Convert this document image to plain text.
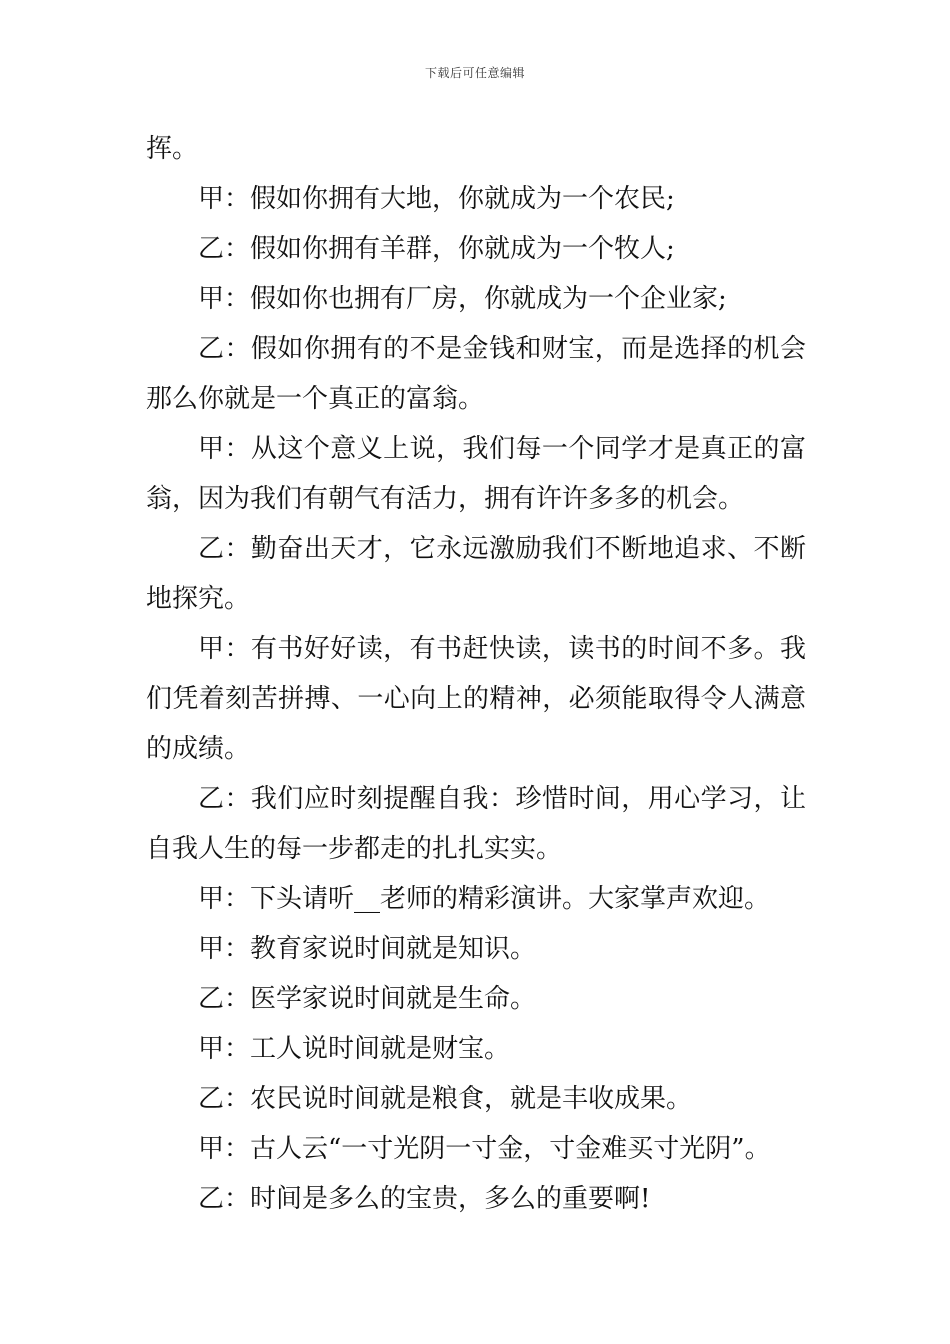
下载后可任意编辑

挥。

甲：假如你拥有大地，你就成为一个农民;

乙：假如你拥有羊群，你就成为一个牧人;

甲：假如你也拥有厂房，你就成为一个企业家;

乙：假如你拥有的不是金钱和财宝，而是选择的机会那么你就是一个真正的富翁。

甲：从这个意义上说，我们每一个同学才是真正的富翁，因为我们有朝气有活力，拥有许许多多的机会。

乙：勤奋出天才，它永远激励我们不断地追求、不断地探究。

甲：有书好好读，有书赶快读，读书的时间不多。我们凭着刻苦拼搏、一心向上的精神，必须能取得令人满意的成绩。

乙：我们应时刻提醒自我：珍惜时间，用心学习，让自我人生的每一步都走的扎扎实实。

甲：下头请听__老师的精彩演讲。大家掌声欢迎。

甲：教育家说时间就是知识。

乙：医学家说时间就是生命。

甲：工人说时间就是财宝。

乙：农民说时间就是粮食，就是丰收成果。

甲：古人云“一寸光阴一寸金，寸金难买寸光阴”。

乙：时间是多么的宝贵，多么的重要啊!
